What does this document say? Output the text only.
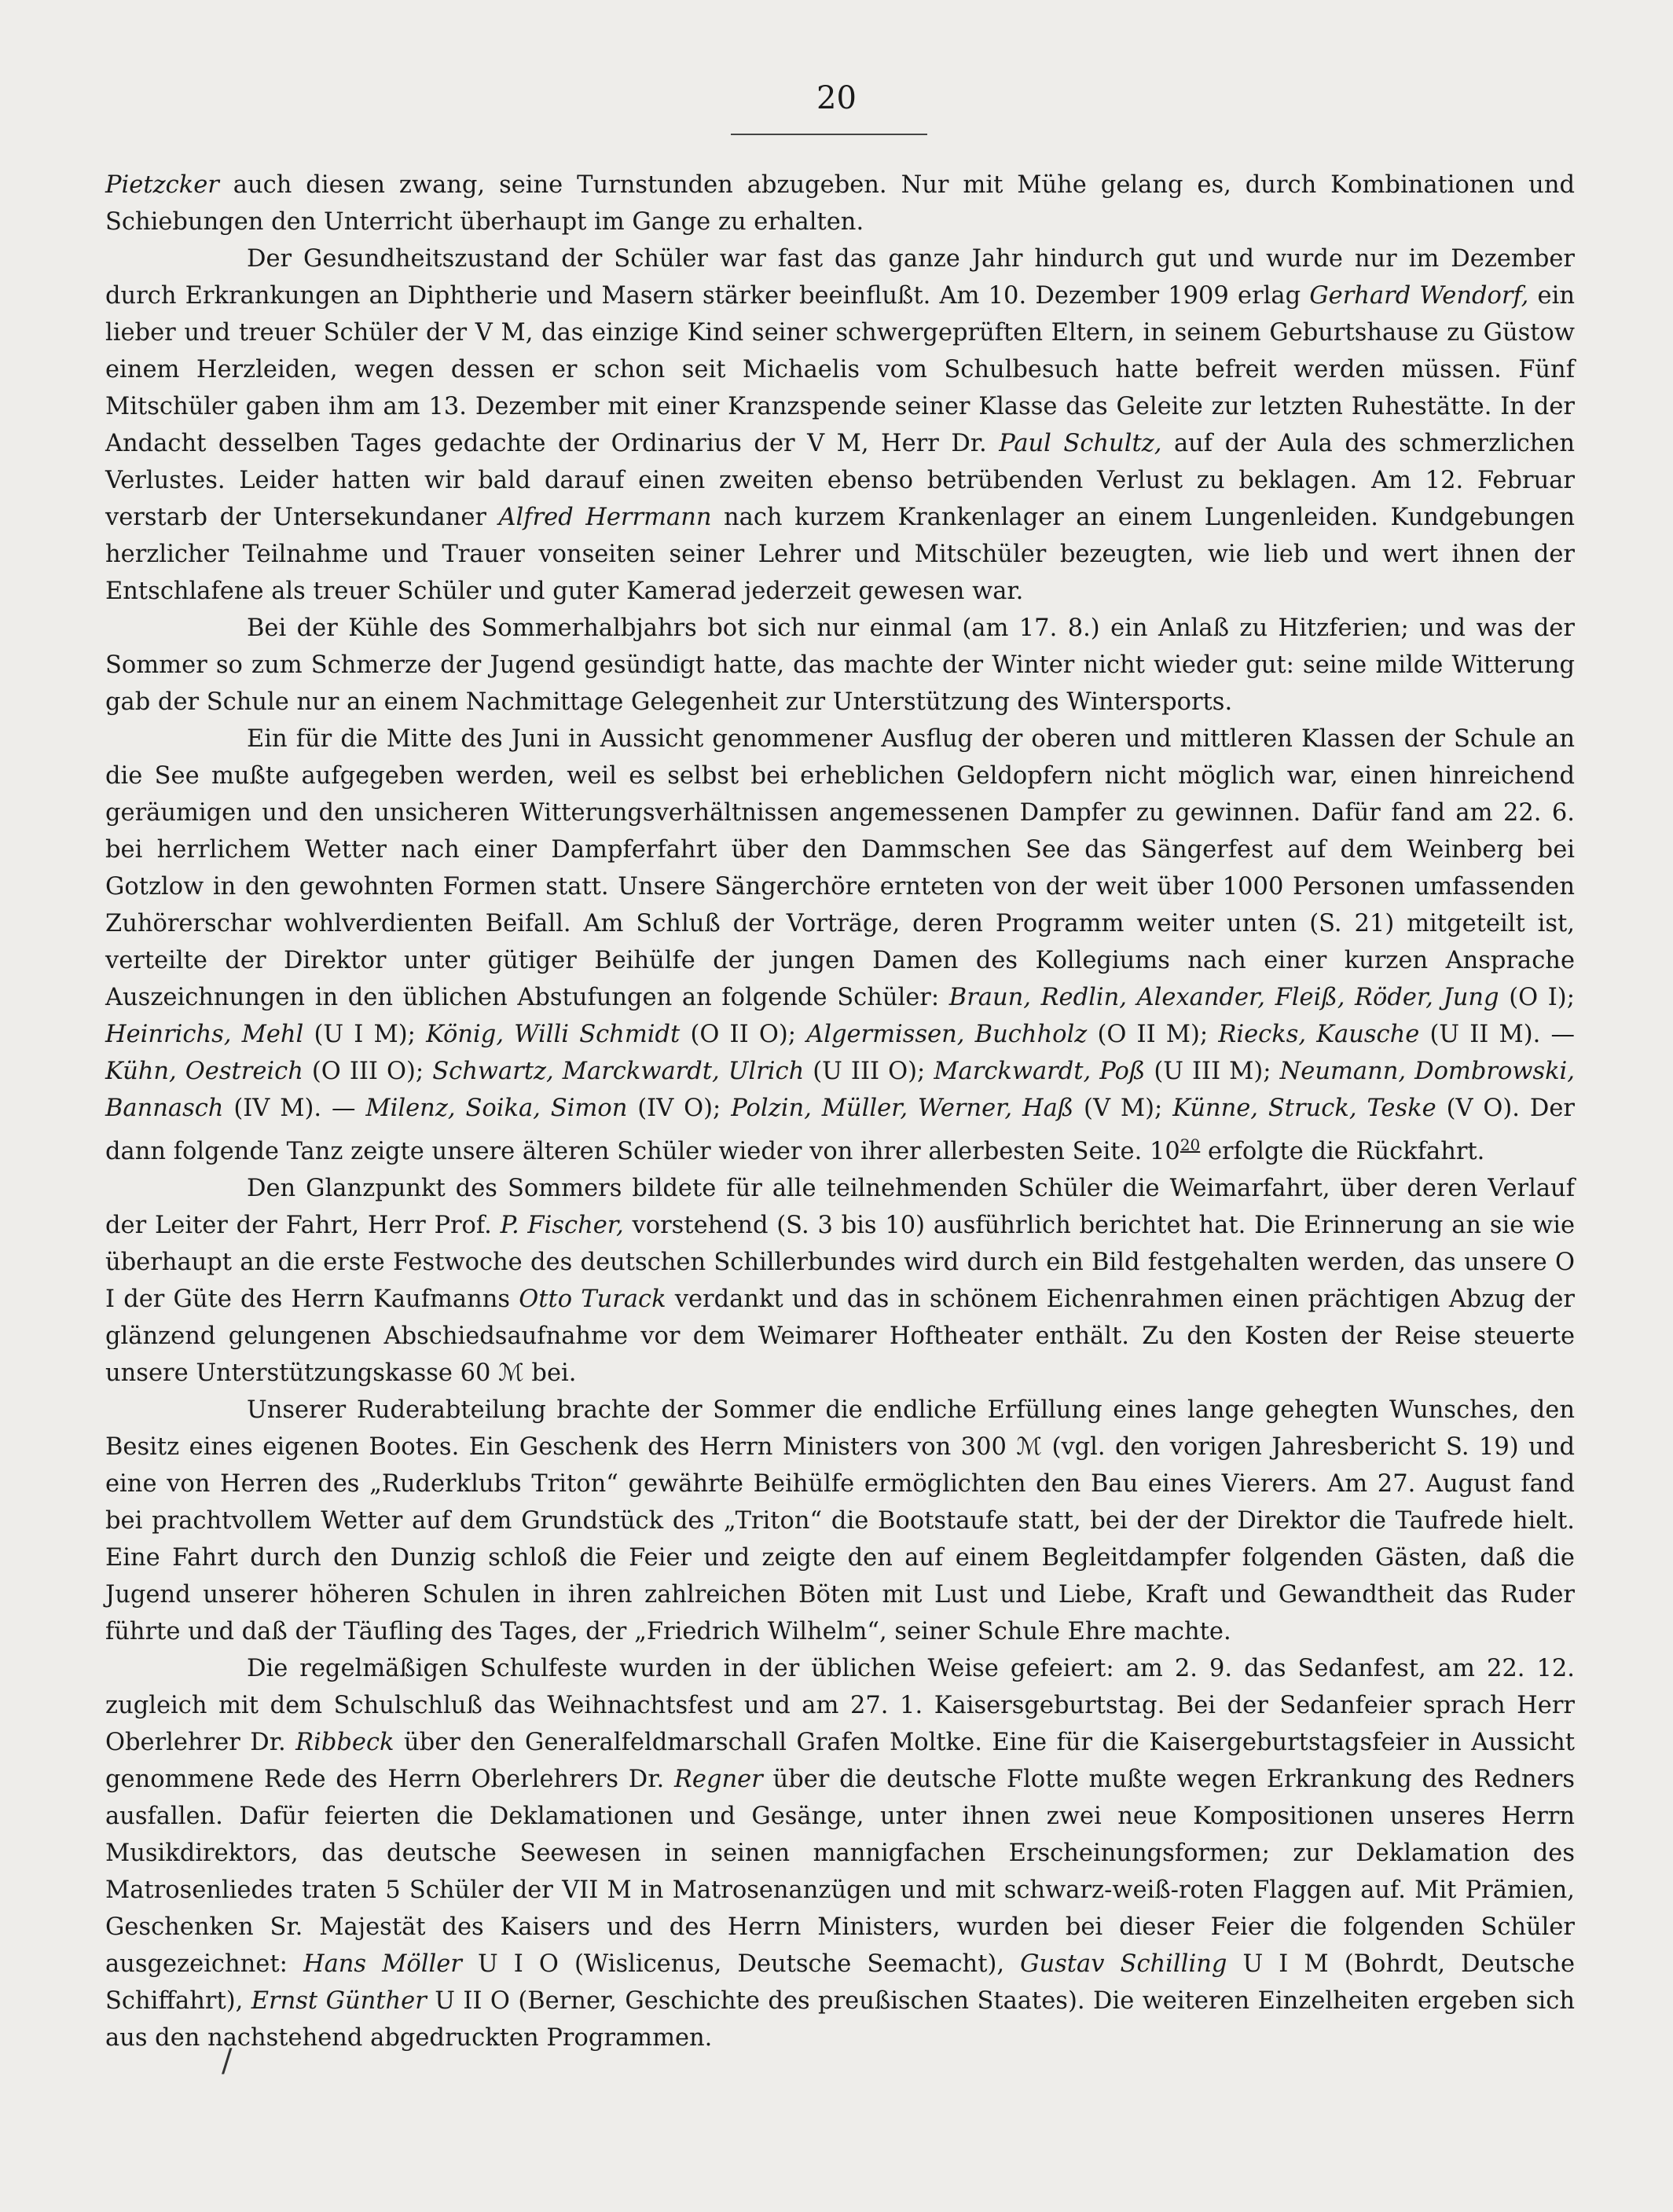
20

Pietzcker auch diesen zwang, seine Turnstunden abzugeben. Nur mit Mühe gelang es, durch Kombinationen und Schiebungen den Unterricht überhaupt im Gange zu erhalten.

Der Gesundheitszustand der Schüler war fast das ganze Jahr hindurch gut und wurde nur im Dezember durch Erkrankungen an Diphtherie und Masern stärker beeinflußt. Am 10. Dezember 1909 erlag Gerhard Wendorf, ein lieber und treuer Schüler der V M, das einzige Kind seiner schwergeprüften Eltern, in seinem Geburtshause zu Güstow einem Herzleiden, wegen dessen er schon seit Michaelis vom Schulbesuch hatte befreit werden müssen. Fünf Mitschüler gaben ihm am 13. Dezember mit einer Kranzspende seiner Klasse das Geleite zur letzten Ruhestätte. In der Andacht desselben Tages gedachte der Ordinarius der V M, Herr Dr. Paul Schultz, auf der Aula des schmerzlichen Verlustes. Leider hatten wir bald darauf einen zweiten ebenso betrübenden Verlust zu beklagen. Am 12. Februar verstarb der Untersekundaner Alfred Herrmann nach kurzem Krankenlager an einem Lungenleiden. Kundgebungen herzlicher Teilnahme und Trauer vonseiten seiner Lehrer und Mitschüler bezeugten, wie lieb und wert ihnen der Entschlafene als treuer Schüler und guter Kamerad jederzeit gewesen war.

Bei der Kühle des Sommerhalbjahrs bot sich nur einmal (am 17. 8.) ein Anlaß zu Hitzferien; und was der Sommer so zum Schmerze der Jugend gesündigt hatte, das machte der Winter nicht wieder gut: seine milde Witterung gab der Schule nur an einem Nachmittage Gelegenheit zur Unterstützung des Wintersports.

Ein für die Mitte des Juni in Aussicht genommener Ausflug der oberen und mittleren Klassen der Schule an die See mußte aufgegeben werden, weil es selbst bei erheblichen Geldopfern nicht möglich war, einen hinreichend geräumigen und den unsicheren Witterungsverhältnissen angemessenen Dampfer zu gewinnen. Dafür fand am 22. 6. bei herrlichem Wetter nach einer Dampferfahrt über den Dammschen See das Sängerfest auf dem Weinberg bei Gotzlow in den gewohnten Formen statt. Unsere Sängerchöre ernteten von der weit über 1000 Personen umfassenden Zuhörerschar wohlverdienten Beifall. Am Schluß der Vorträge, deren Programm weiter unten (S. 21) mitgeteilt ist, verteilte der Direktor unter gütiger Beihülfe der jungen Damen des Kollegiums nach einer kurzen Ansprache Auszeichnungen in den üblichen Abstufungen an folgende Schüler: Braun, Redlin, Alexander, Fleiß, Röder, Jung (O I); Heinrichs, Mehl (U I M); König, Willi Schmidt (O II O); Algermissen, Buchholz (O II M); Riecks, Kausche (U II M). — Kühn, Oestreich (O III O); Schwartz, Marckwardt, Ulrich (U III O); Marckwardt, Poß (U III M); Neumann, Dombrowski, Bannasch (IV M). — Milenz, Soika, Simon (IV O); Polzin, Müller, Werner, Haß (V M); Künne, Struck, Teske (V O). Der dann folgende Tanz zeigte unsere älteren Schüler wieder von ihrer allerbesten Seite. $10^{20}$ erfolgte die Rückfahrt.

Den Glanzpunkt des Sommers bildete für alle teilnehmenden Schüler die Weimarfahrt, über deren Verlauf der Leiter der Fahrt, Herr Prof. P. Fischer, vorstehend (S. 3 bis 10) ausführlich berichtet hat. Die Erinnerung an sie wie überhaupt an die erste Festwoche des deutschen Schillerbundes wird durch ein Bild festgehalten werden, das unsere O I der Güte des Herrn Kaufmanns Otto Turack verdankt und das in schönem Eichenrahmen einen prächtigen Abzug der glänzend gelungenen Abschiedsaufnahme vor dem Weimarer Hoftheater enthält. Zu den Kosten der Reise steuerte unsere Unterstützungskasse 60 ℳ bei.

Unserer Ruderabteilung brachte der Sommer die endliche Erfüllung eines lange gehegten Wunsches, den Besitz eines eigenen Bootes. Ein Geschenk des Herrn Ministers von 300 ℳ (vgl. den vorigen Jahresbericht S. 19) und eine von Herren des „Ruderklubs Triton“ gewährte Beihülfe ermöglichten den Bau eines Vierers. Am 27. August fand bei prachtvollem Wetter auf dem Grundstück des „Triton“ die Bootstaufe statt, bei der der Direktor die Taufrede hielt. Eine Fahrt durch den Dunzig schloß die Feier und zeigte den auf einem Begleitdampfer folgenden Gästen, daß die Jugend unserer höheren Schulen in ihren zahlreichen Böten mit Lust und Liebe, Kraft und Gewandtheit das Ruder führte und daß der Täufling des Tages, der „Friedrich Wilhelm“, seiner Schule Ehre machte.

Die regelmäßigen Schulfeste wurden in der üblichen Weise gefeiert: am 2. 9. das Sedanfest, am 22. 12. zugleich mit dem Schulschluß das Weihnachtsfest und am 27. 1. Kaisersgeburtstag. Bei der Sedanfeier sprach Herr Oberlehrer Dr. Ribbeck über den Generalfeldmarschall Grafen Moltke. Eine für die Kaisergeburtstagsfeier in Aussicht genommene Rede des Herrn Oberlehrers Dr. Regner über die deutsche Flotte mußte wegen Erkrankung des Redners ausfallen. Dafür feierten die Deklamationen und Gesänge, unter ihnen zwei neue Kompositionen unseres Herrn Musikdirektors, das deutsche Seewesen in seinen mannigfachen Erscheinungsformen; zur Deklamation des Matrosenliedes traten 5 Schüler der VII M in Matrosenanzügen und mit schwarz-weiß-roten Flaggen auf. Mit Prämien, Geschenken Sr. Majestät des Kaisers und des Herrn Ministers, wurden bei dieser Feier die folgenden Schüler ausgezeichnet: Hans Möller U I O (Wislicenus, Deutsche Seemacht), Gustav Schilling U I M (Bohrdt, Deutsche Schiffahrt), Ernst Günther U II O (Berner, Geschichte des preußischen Staates). Die weiteren Einzelheiten ergeben sich aus den nachstehend abgedruckten Programmen.

/
